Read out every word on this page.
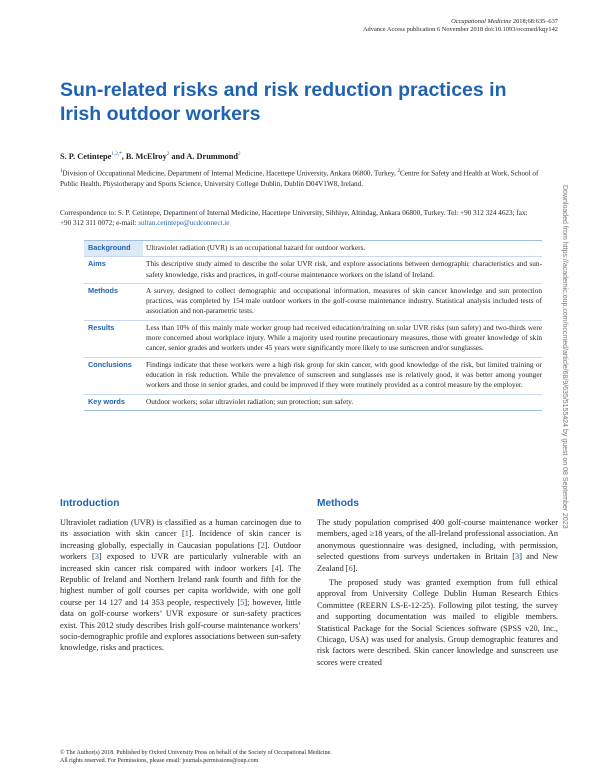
Occupational Medicine 2018;68:635–637
Advance Access publication 6 November 2018 doi:10.1093/occmed/kqy142
Sun-related risks and risk reduction practices in Irish outdoor workers
S. P. Cetintepe$^{1,2,*}$, B. McElroy$^2$ and A. Drummond$^2$
$^1$Division of Occupational Medicine, Department of Internal Medicine, Hacettepe University, Ankara 06800, Turkey, $^2$Centre for Safety and Health at Work, School of Public Health, Physiotherapy and Sports Science, University College Dublin, Dublin D04V1W8, Ireland.
Correspondence to: S. P. Cetintepe, Department of Internal Medicine, Hacettepe University, Sihhiye, Altindag, Ankara 06800, Turkey. Tel: +90 312 324 4623; fax: +90 312 311 0072; e-mail: sultan.cetintepe@ucdconnect.ie
Background	Ultraviolet radiation (UVR) is an occupational hazard for outdoor workers.
Aims	This descriptive study aimed to describe the solar UVR risk, and explore associations between demographic characteristics and sun-safety knowledge, risks and practices, in golf-course maintenance workers on the island of Ireland.
Methods	A survey, designed to collect demographic and occupational information, measures of skin cancer knowledge and sun protection practices, was completed by 154 male outdoor workers in the golf-course maintenance industry. Statistical analysis included tests of association and non-parametric tests.
Results	Less than 10% of this mainly male worker group had received education/training on solar UVR risks (sun safety) and two-thirds were more concerned about workplace injury. While a majority used routine precautionary measures, those with greater knowledge of skin cancer, senior grades and workers under 45 years were significantly more likely to use sunscreen and/or sunglasses.
Conclusions	Findings indicate that these workers were a high risk group for skin cancer, with good knowledge of the risk, but limited training or education in risk reduction. While the prevalence of sunscreen and sunglasses use is relatively good, it was better among younger workers and those in senior grades, and could be improved if they were routinely provided as a control measure by the employer.
Key words	Outdoor workers; solar ultraviolet radiation; sun protection; sun safety.
Introduction

Ultraviolet radiation (UVR) is classified as a human carcinogen due to its association with skin cancer [1]. Incidence of skin cancer is increasing globally, especially in Caucasian populations [2]. Outdoor workers [3] exposed to UVR are particularly vulnerable with an increased skin cancer risk compared with indoor workers [4]. The Republic of Ireland and Northern Ireland rank fourth and fifth for the highest number of golf courses per capita worldwide, with one golf course per 14 127 and 14 353 people, respectively [5]; however, little data on golf-course workers’ UVR exposure or sun-safety practices exist. This 2012 study describes Irish golf-course maintenance workers’ socio-demographic profile and explores associations between sun-safety knowledge, risks and practices.

Methods

The study population comprised 400 golf-course maintenance worker members, aged ≥18 years, of the all-Ireland professional association. An anonymous questionnaire was designed, including, with permission, selected questions from surveys undertaken in Britain [3] and New Zealand [6].

The proposed study was granted exemption from full ethical approval from University College Dublin Human Research Ethics Committee (REERN LS-E-12-25). Following pilot testing, the survey and supporting documentation was mailed to eligible members. Statistical Package for the Social Sciences software (SPSS v20, Inc., Chicago, USA) was used for analysis. Group demographic features and risk factors were described. Skin cancer knowledge and sunscreen use scores were created

© The Author(s) 2018. Published by Oxford University Press on behalf of the Society of Occupational Medicine.
All rights reserved. For Permissions, please email: journals.permissions@oup.com
Downloaded from https://academic.oup.com/occmed/article/68/9/635/5155424 by guest on 08 September 2023
